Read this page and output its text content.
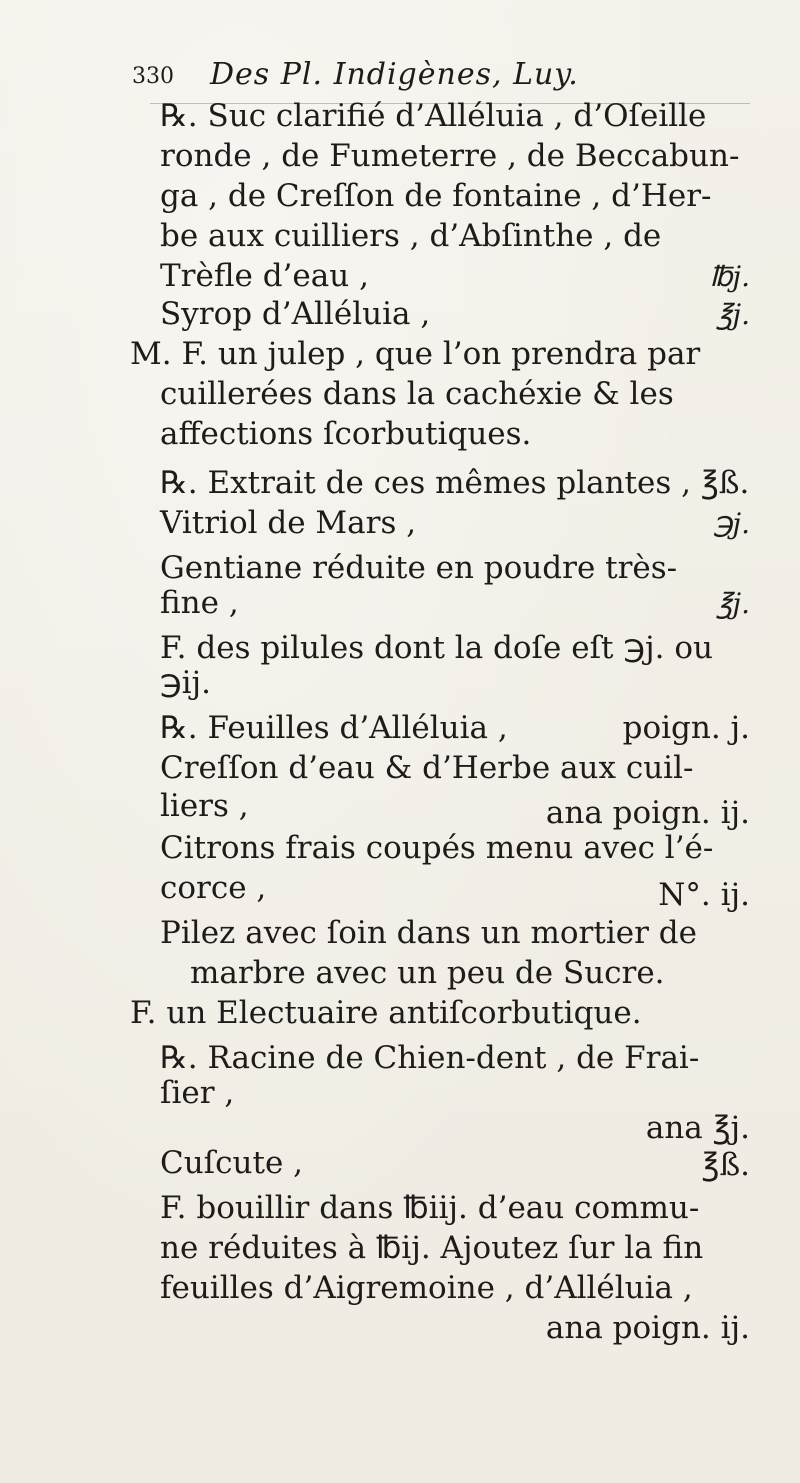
330 Des Pl. Indigènes, Luy.
℞. Suc clarifié d’Alléluia , d’Oſeille
ronde , de Fumeterre , de Beccabun-
ga , de Creſſon de fontaine , d’Her-
be aux cuilliers , d’Abſinthe , de
Trèfle d’eau ,	℔j.
Syrop d’Alléluia ,	℥j.
M. F. un julep , que l’on prendra par
cuillerées dans la cachéxie & les
affections ſcorbutiques.
℞. Extrait de ces mêmes plantes , ℥ß.
Vitriol de Mars ,	℈j.
Gentiane réduite en poudre très-
fine ,	℥j.
F. des pilules dont la doſe eſt ℈j. ou
℈ij.
℞. Feuilles d’Alléluia ,	poign. j.
Creſſon d’eau & d’Herbe aux cuil-
liers ,	ana poign. ij.
Citrons frais coupés menu avec l’é-
corce ,	N°. ij.
Pilez avec ſoin dans un mortier de
marbre avec un peu de Sucre.
F. un Electuaire antiſcorbutique.
℞. Racine de Chien-dent , de Frai-
ſier ,
ana ℥j.
Cuſcute ,	℥ß.
F. bouillir dans ℔iij. d’eau commu-
ne réduites à ℔ij. Ajoutez ſur la fin
feuilles d’Aigremoine , d’Alléluia ,
ana poign. ij.
